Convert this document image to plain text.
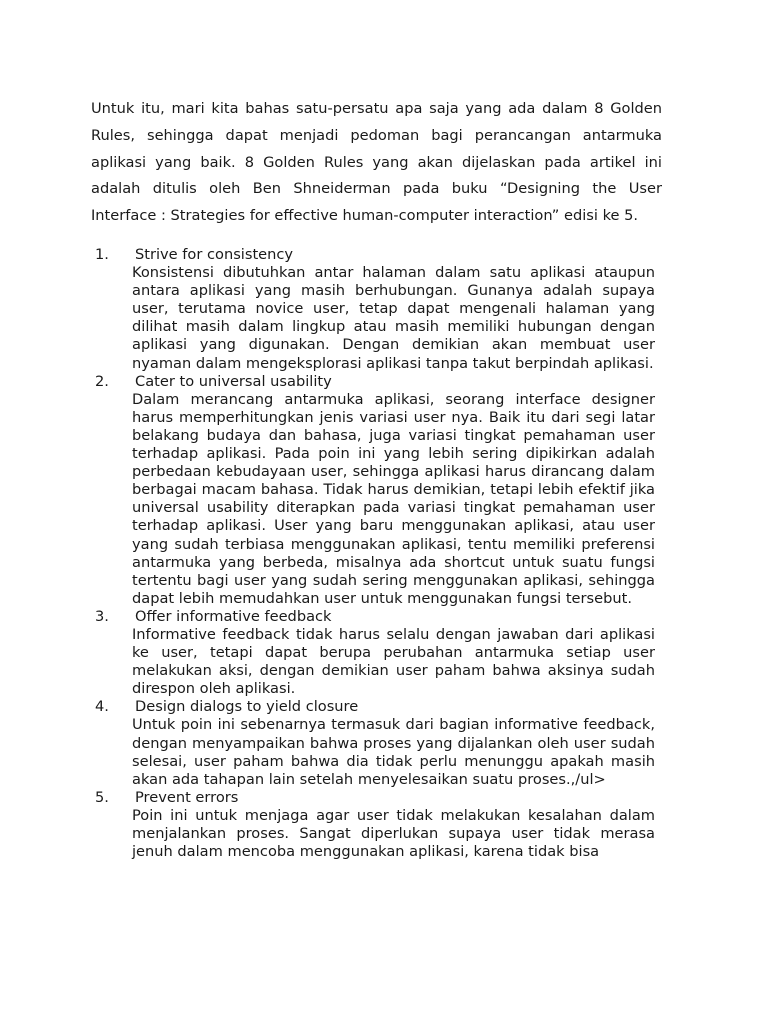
Untuk itu, mari kita bahas satu-persatu apa saja yang ada dalam 8 Golden Rules, sehingga dapat menjadi pedoman bagi perancangan antarmuka aplikasi yang baik. 8 Golden Rules yang akan dijelaskan pada artikel ini adalah ditulis oleh Ben Shneiderman pada buku “Designing the User Interface : Strategies for effective human-computer interaction” edisi ke 5.

1. Strive for consistency
Konsistensi dibutuhkan antar halaman dalam satu aplikasi ataupun antara aplikasi yang masih berhubungan. Gunanya adalah supaya user, terutama novice user, tetap dapat mengenali halaman yang dilihat masih dalam lingkup atau masih memiliki hubungan dengan aplikasi yang digunakan. Dengan demikian akan membuat user nyaman dalam mengeksplorasi aplikasi tanpa takut berpindah aplikasi.
2. Cater to universal usability
Dalam merancang antarmuka aplikasi, seorang interface designer harus memperhitungkan jenis variasi user nya. Baik itu dari segi latar belakang budaya dan bahasa, juga variasi tingkat pemahaman user terhadap aplikasi. Pada poin ini yang lebih sering dipikirkan adalah perbedaan kebudayaan user, sehingga aplikasi harus dirancang dalam berbagai macam bahasa. Tidak harus demikian, tetapi lebih efektif jika universal usability diterapkan pada variasi tingkat pemahaman user terhadap aplikasi. User yang baru menggunakan aplikasi, atau user yang sudah terbiasa menggunakan aplikasi, tentu memiliki preferensi antarmuka yang berbeda, misalnya ada shortcut untuk suatu fungsi tertentu bagi user yang sudah sering menggunakan aplikasi, sehingga dapat lebih memudahkan user untuk menggunakan fungsi tersebut.
3. Offer informative feedback
Informative feedback tidak harus selalu dengan jawaban dari aplikasi ke user, tetapi dapat berupa perubahan antarmuka setiap user melakukan aksi, dengan demikian user paham bahwa aksinya sudah direspon oleh aplikasi.
4. Design dialogs to yield closure
Untuk poin ini sebenarnya termasuk dari bagian informative feedback, dengan menyampaikan bahwa proses yang dijalankan oleh user sudah selesai, user paham bahwa dia tidak perlu menunggu apakah masih akan ada tahapan lain setelah menyelesaikan suatu proses.,/ul>
5. Prevent errors
Poin ini untuk menjaga agar user tidak melakukan kesalahan dalam menjalankan proses. Sangat diperlukan supaya user tidak merasa jenuh dalam mencoba menggunakan aplikasi, karena tidak bisa
